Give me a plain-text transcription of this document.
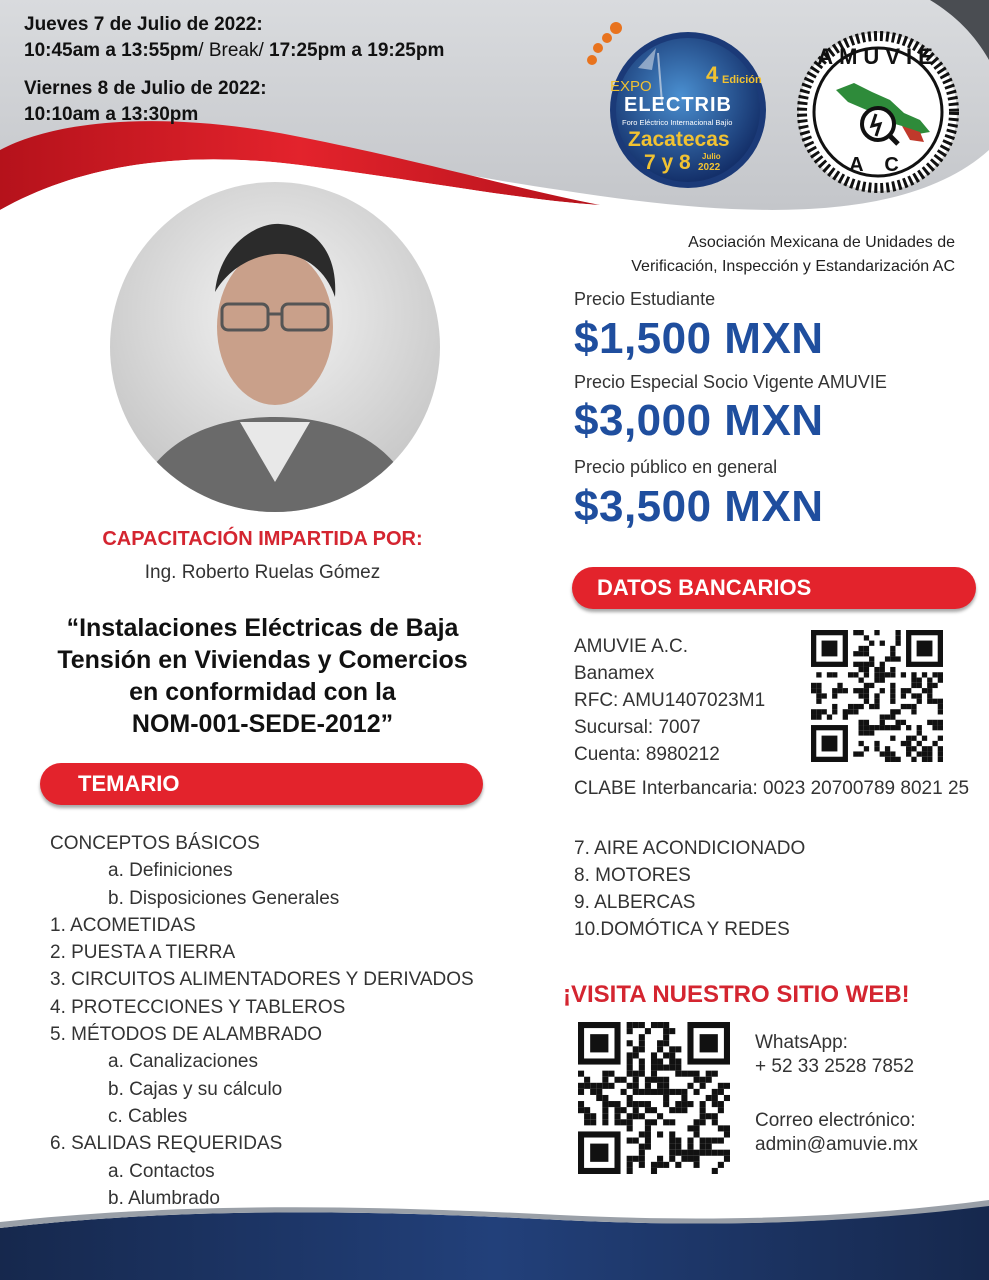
Jueves 7 de Julio de 2022:
10:45am a 13:55pm/ Break/ 17:25pm a 19:25pm
Viernes 8 de Julio de 2022:
10:10am a 13:30pm
EXPO 4 Edición
ELECTRIB
Foro Eléctrico Internacional Bajío
Zacatecas
7 y 8 Julio
2022
AMUVIE
A C
Asociación Mexicana de Unidades de
Verificación, Inspección y Estandarización AC
Precio Estudiante
$1,500 MXN
Precio Especial Socio Vigente AMUVIE
$3,000 MXN
Precio público en general
$3,500 MXN
CAPACITACIÓN IMPARTIDA POR:
Ing. Roberto Ruelas Gómez
“Instalaciones Eléctricas de Baja
Tensión en Viviendas y Comercios
en conformidad con la
NOM-001-SEDE-2012”
TEMARIO
CONCEPTOS BÁSICOS
a. Definiciones
b. Disposiciones Generales
1. ACOMETIDAS
2. PUESTA A TIERRA
3. CIRCUITOS ALIMENTADORES Y DERIVADOS
4. PROTECCIONES Y TABLEROS
5. MÉTODOS DE ALAMBRADO
a. Canalizaciones
b. Cajas y su cálculo
c. Cables
6. SALIDAS REQUERIDAS
a. Contactos
b. Alumbrado
DATOS BANCARIOS
AMUVIE A.C.
Banamex
RFC: AMU1407023M1
Sucursal: 7007
Cuenta: 8980212
CLABE Interbancaria: 0023 20700789 8021 25
7. AIRE ACONDICIONADO
8. MOTORES
9. ALBERCAS
10.DOMÓTICA Y REDES
¡VISITA NUESTRO SITIO WEB!
WhatsApp:
+ 52 33 2528 7852
Correo electrónico:
admin@amuvie.mx
